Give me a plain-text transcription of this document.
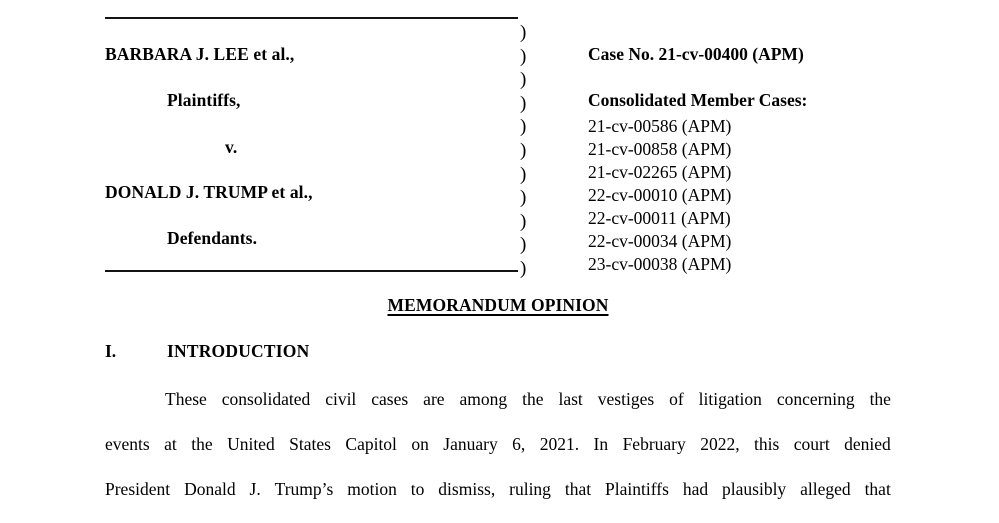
BARBARA J. LEE et al.,
Plaintiffs,
v.
DONALD J. TRUMP et al.,
Defendants.
)
)
)
)
)
)
)
)
)
)
)
Case No. 21-cv-00400 (APM)
Consolidated Member Cases:
21-cv-00586 (APM)
21-cv-00858 (APM)
21-cv-02265 (APM)
22-cv-00010 (APM)
22-cv-00011 (APM)
22-cv-00034 (APM)
23-cv-00038 (APM)
MEMORANDUM OPINION
I.	INTRODUCTION
These consolidated civil cases are among the last vestiges of litigation concerning the
events at the United States Capitol on January 6, 2021. In February 2022, this court denied
President Donald J. Trump’s motion to dismiss, ruling that Plaintiffs had plausibly alleged that
